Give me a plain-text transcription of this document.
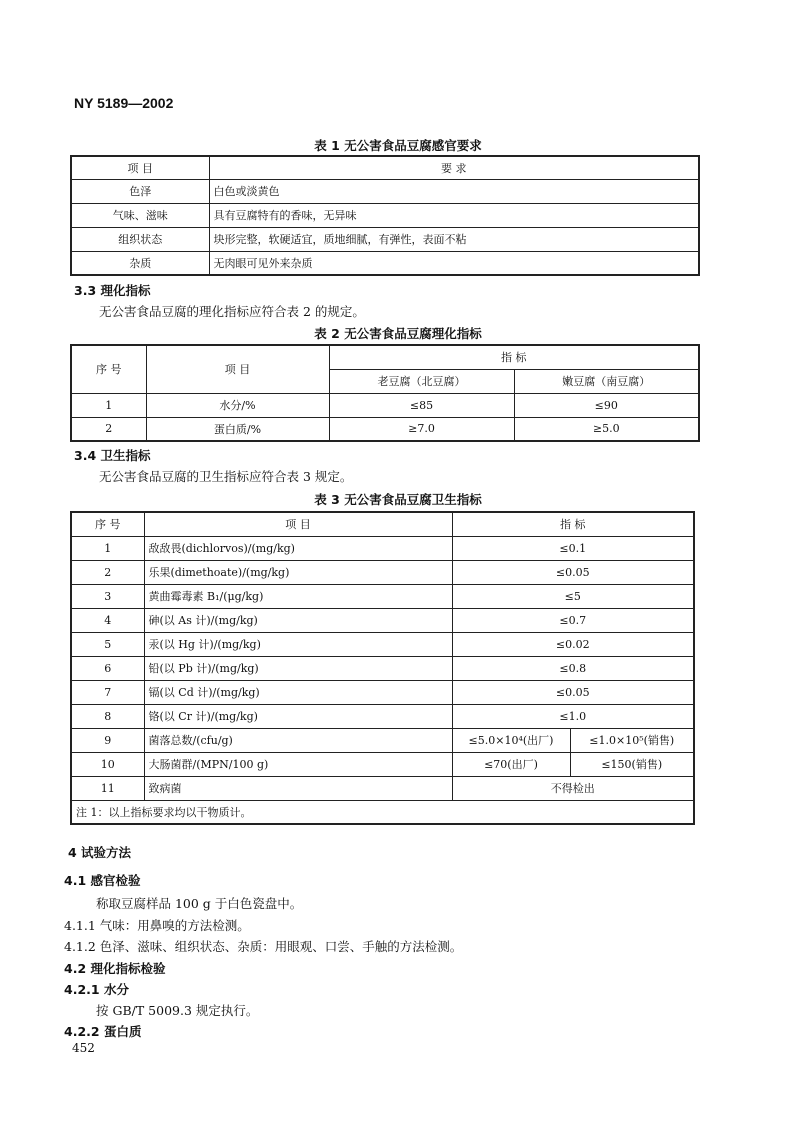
NY 5189—2002
表 1 无公害食品豆腐感官要求
项 目	要 求
色泽	白色或淡黄色
气味、滋味	具有豆腐特有的香味，无异味
组织状态	块形完整，软硬适宜，质地细腻，有弹性，表面不粘
杂质	无肉眼可见外来杂质
3.3 理化指标
无公害食品豆腐的理化指标应符合表 2 的规定。
表 2 无公害食品豆腐理化指标
序 号	项 目	指 标	
		老豆腐（北豆腐）	嫩豆腐（南豆腐）
1	水分/%	≤85	≤90
2	蛋白质/%	≥7.0	≥5.0
3.4 卫生指标
无公害食品豆腐的卫生指标应符合表 3 规定。
表 3 无公害食品豆腐卫生指标
序 号	项 目	指 标	
1	敌敌畏(dichlorvos)/(mg/kg)	≤0.1	
2	乐果(dimethoate)/(mg/kg)	≤0.05	
3	黄曲霉毒素 B₁/(μg/kg)	≤5	
4	砷(以 As 计)/(mg/kg)	≤0.7	
5	汞(以 Hg 计)/(mg/kg)	≤0.02	
6	铅(以 Pb 计)/(mg/kg)	≤0.8	
7	镉(以 Cd 计)/(mg/kg)	≤0.05	
8	铬(以 Cr 计)/(mg/kg)	≤1.0	
9	菌落总数/(cfu/g)	≤5.0×10⁴(出厂)	≤1.0×10⁵(销售)
10	大肠菌群/(MPN/100 g)	≤70(出厂)	≤150(销售)
11	致病菌	不得检出	
注 1：以上指标要求均以干物质计。			
4 试验方法
4.1 感官检验
称取豆腐样品 100 g 于白色瓷盘中。
4.1.1 气味：用鼻嗅的方法检测。
4.1.2 色泽、滋味、组织状态、杂质：用眼观、口尝、手触的方法检测。
4.2 理化指标检验
4.2.1 水分
按 GB/T 5009.3 规定执行。
4.2.2 蛋白质
452
